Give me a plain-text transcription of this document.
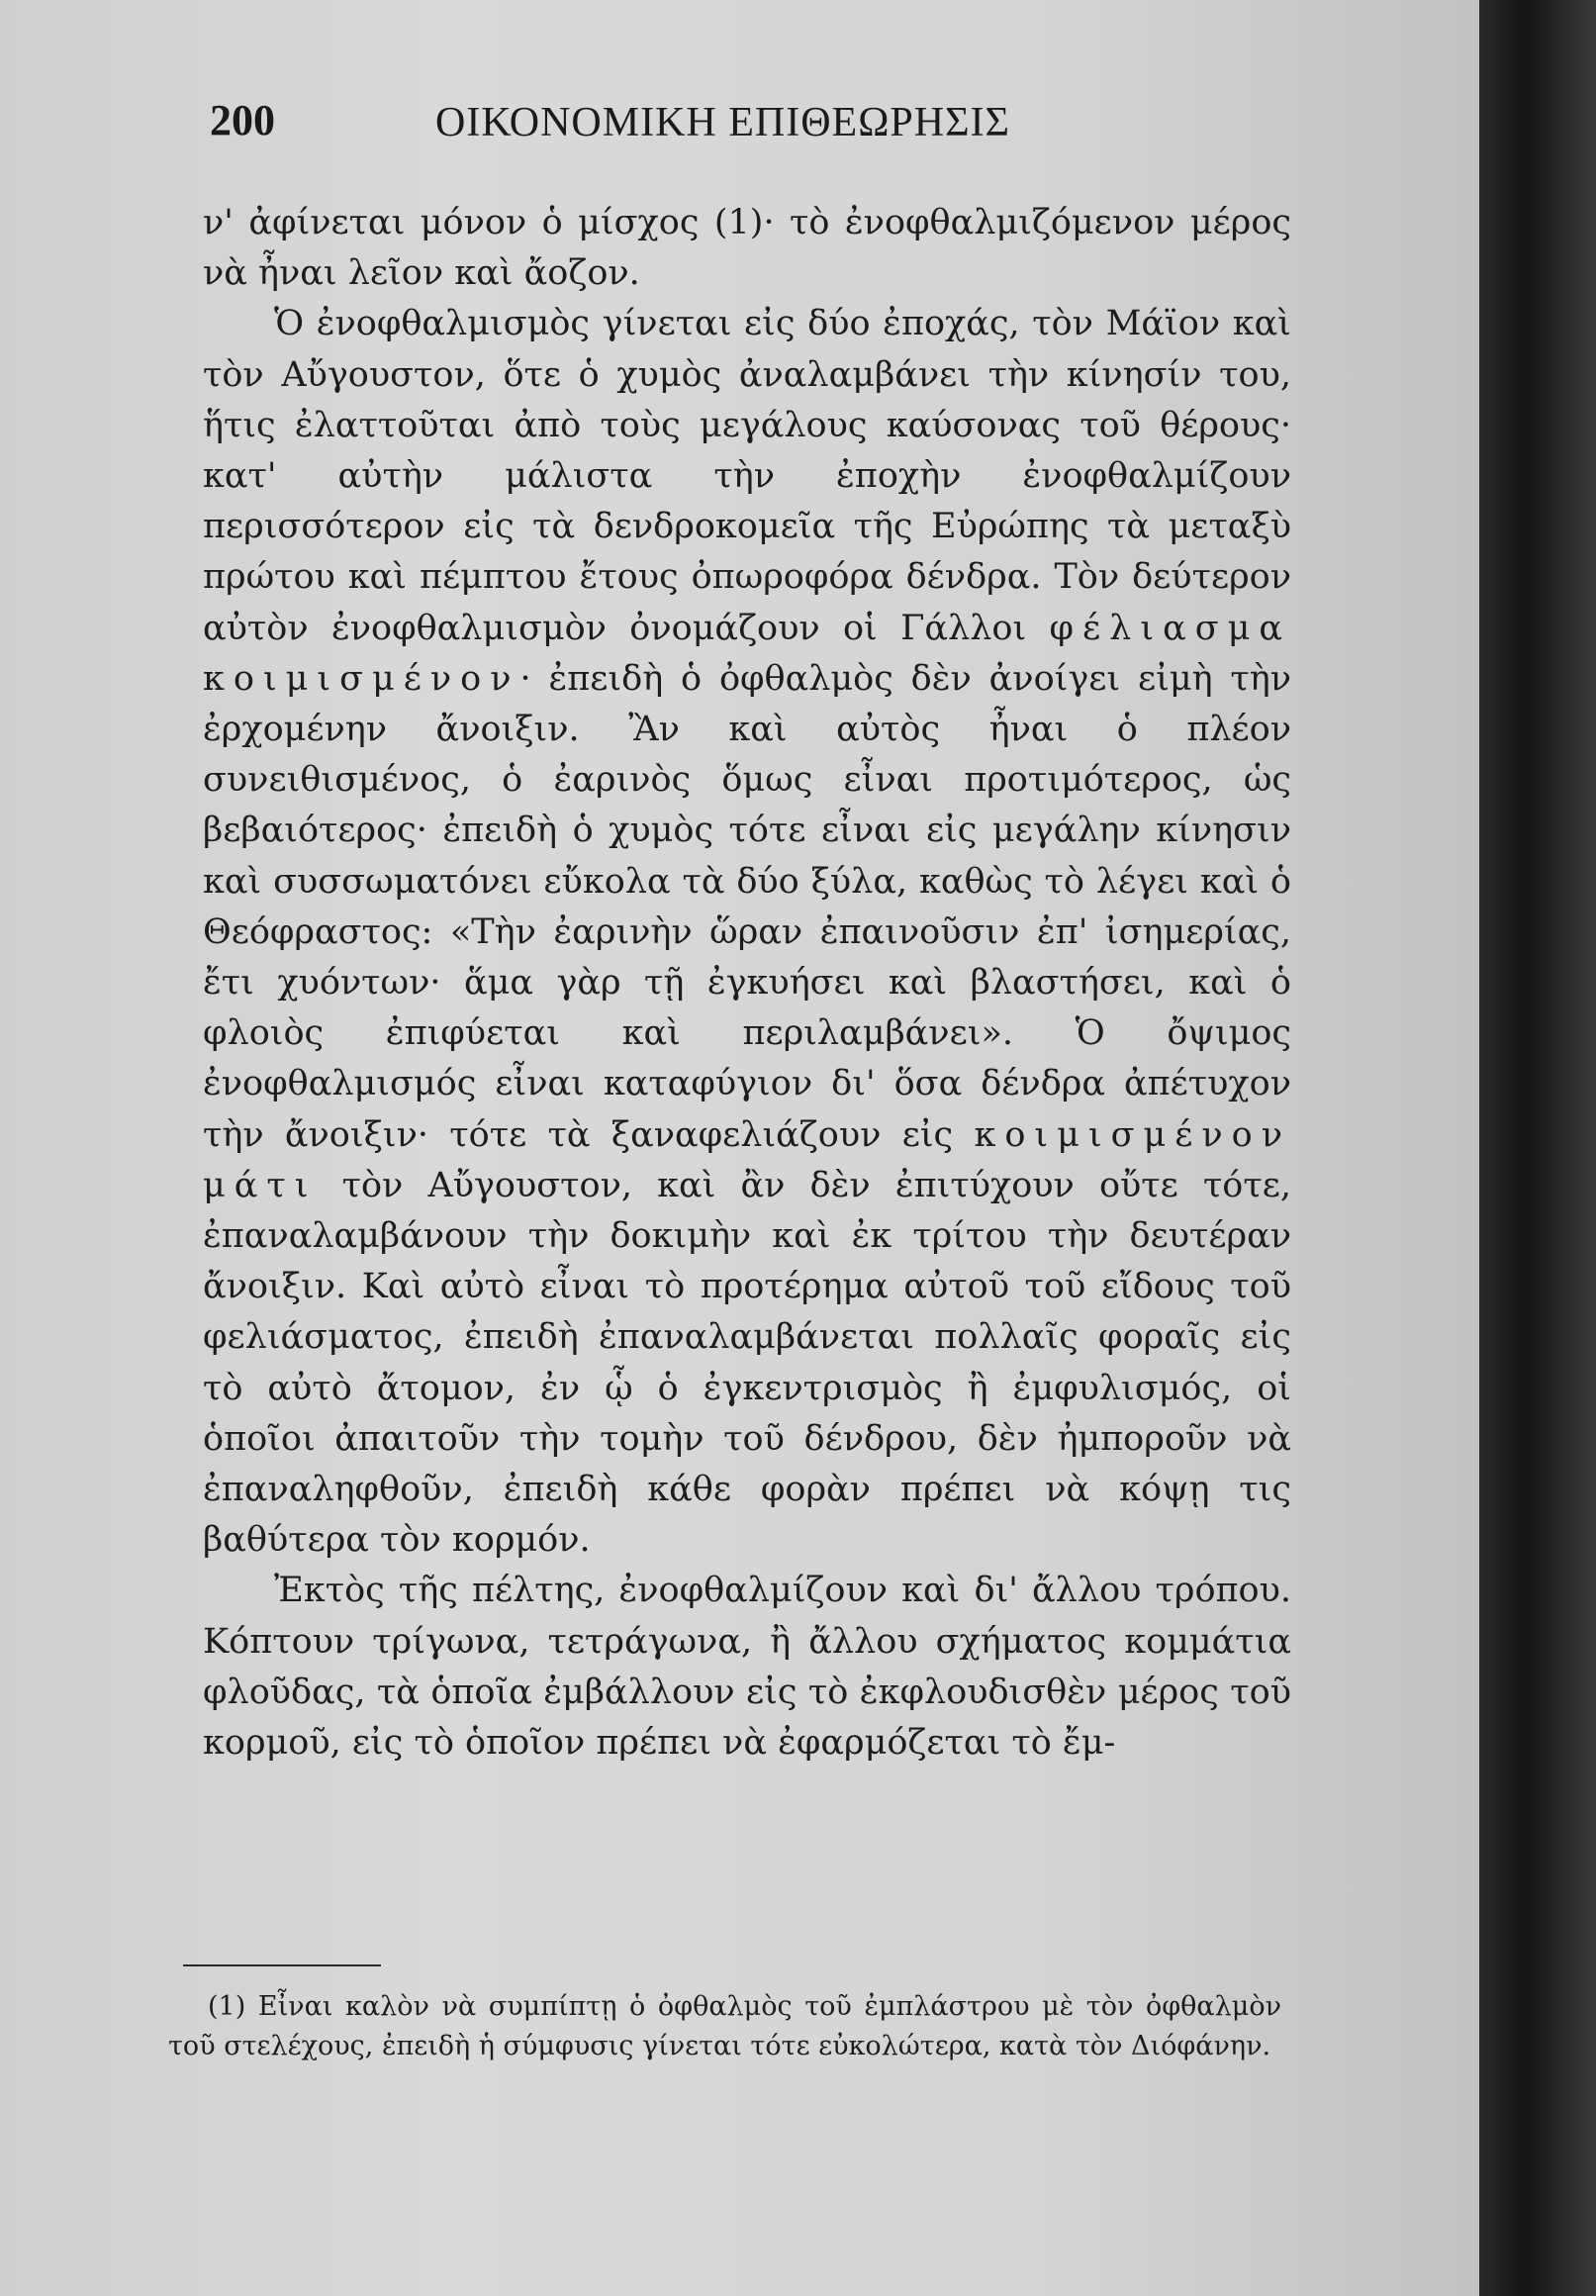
200	ΟΙΚΟΝΟΜΙΚΗ ΕΠΙΘΕΩΡΗΣΙΣ

ν' ἀφίνεται μόνον ὁ μίσχος (1)· τὸ ἐνοφθαλμιζόμενον μέρος νὰ ἦναι λεῖον καὶ ἄοζον.

Ὁ ἐνοφθαλμισμὸς γίνεται εἰς δύο ἐποχάς, τὸν Μάϊον καὶ τὸν Αὔγουστον, ὅτε ὁ χυμὸς ἀναλαμβάνει τὴν κίνησίν του, ἥτις ἐλαττοῦται ἀπὸ τοὺς μεγάλους καύσονας τοῦ θέρους· κατ' αὐτὴν μάλιστα τὴν ἐποχὴν ἐνοφθαλμίζουν περισσότερον εἰς τὰ δενδροκομεῖα τῆς Εὐρώπης τὰ μεταξὺ πρώτου καὶ πέμπτου ἔτους ὀπωροφόρα δένδρα. Τὸν δεύτερον αὐτὸν ἐνοφθαλμισμὸν ὀνομάζουν οἱ Γάλλοι φέλιασμα κοιμισμένον· ἐπειδὴ ὁ ὀφθαλμὸς δὲν ἀνοίγει εἰμὴ τὴν ἐρχομένην ἄνοιξιν. Ἂν καὶ αὐτὸς ἦναι ὁ πλέον συνειθισμένος, ὁ ἐαρινὸς ὅμως εἶναι προτιμότερος, ὡς βεβαιότερος· ἐπειδὴ ὁ χυμὸς τότε εἶναι εἰς μεγάλην κίνησιν καὶ συσσωματόνει εὔκολα τὰ δύο ξύλα, καθὼς τὸ λέγει καὶ ὁ Θεόφραστος: «Τὴν ἐαρινὴν ὥραν ἐπαινοῦσιν ἐπ' ἰσημερίας, ἔτι χυόντων· ἅμα γὰρ τῇ ἐγκυήσει καὶ βλαστήσει, καὶ ὁ φλοιὸς ἐπιφύεται καὶ περιλαμβάνει». Ὁ ὄψιμος ἐνοφθαλμισμός εἶναι καταφύγιον δι' ὅσα δένδρα ἀπέτυχον τὴν ἄνοιξιν· τότε τὰ ξαναφελιάζουν εἰς κοιμισμένον μάτι τὸν Αὔγουστον, καὶ ἂν δὲν ἐπιτύχουν οὔτε τότε, ἐπαναλαμβάνουν τὴν δοκιμὴν καὶ ἐκ τρίτου τὴν δευτέραν ἄνοιξιν. Καὶ αὐτὸ εἶναι τὸ προτέρημα αὐτοῦ τοῦ εἴδους τοῦ φελιάσματος, ἐπειδὴ ἐπαναλαμβάνεται πολλαῖς φοραῖς εἰς τὸ αὐτὸ ἄτομον, ἐν ᾧ ὁ ἐγκεντρισμὸς ἢ ἐμφυλισμός, οἱ ὁποῖοι ἀπαιτοῦν τὴν τομὴν τοῦ δένδρου, δὲν ἠμποροῦν νὰ ἐπαναληφθοῦν, ἐπειδὴ κάθε φορὰν πρέπει νὰ κόψῃ τις βαθύτερα τὸν κορμόν.

Ἐκτὸς τῆς πέλτης, ἐνοφθαλμίζουν καὶ δι' ἄλλου τρόπου. Κόπτουν τρίγωνα, τετράγωνα, ἢ ἄλλου σχήματος κομμάτια φλοῦδας, τὰ ὁποῖα ἐμβάλλουν εἰς τὸ ἐκφλουδισθὲν μέρος τοῦ κορμοῦ, εἰς τὸ ὁποῖον πρέπει νὰ ἐφαρμόζεται τὸ ἔμ-

(1) Εἶναι καλὸν νὰ συμπίπτῃ ὁ ὀφθαλμὸς τοῦ ἐμπλάστρου μὲ τὸν ὀφθαλμὸν τοῦ στελέχους, ἐπειδὴ ἡ σύμφυσις γίνεται τότε εὐκολώτερα, κατὰ τὸν Διόφάνην.
